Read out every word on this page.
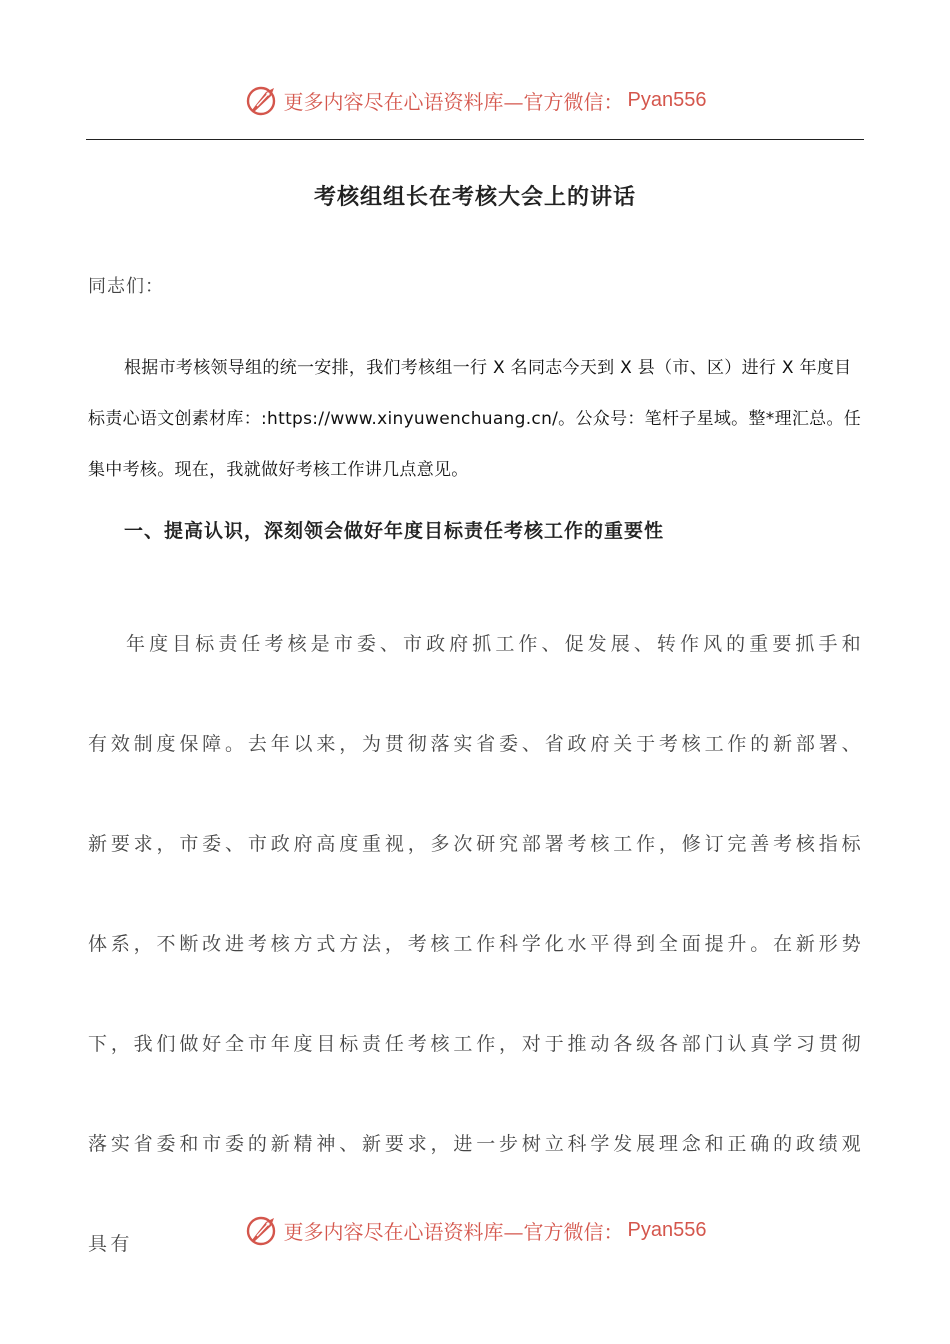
更多内容尽在心语资料库—官方微信： Pyan556
考核组组长在考核大会上的讲话
同志们：

根据市考核领导组的统一安排，我们考核组一行 X 名同志今天到 X 县（市、区）进行 X 年度目标责心语文创素材库：:https://www.xinyuwenchuang.cn/。公众号：笔杆子星域。整*理汇总。任集中考核。现在，我就做好考核工作讲几点意见。

一、提高认识，深刻领会做好年度目标责任考核工作的重要性

年度目标责任考核是市委、市政府抓工作、促发展、转作风的重要抓手和有效制度保障。去年以来，为贯彻落实省委、省政府关于考核工作的新部署、新要求，市委、市政府高度重视，多次研究部署考核工作，修订完善考核指标体系，不断改进考核方式方法，考核工作科学化水平得到全面提升。在新形势下，我们做好全市年度目标责任考核工作，对于推动各级各部门认真学习贯彻落实省委和市委的新精神、新要求，进一步树立科学发展理念和正确的政绩观具有

更多内容尽在心语资料库—官方微信： Pyan556
